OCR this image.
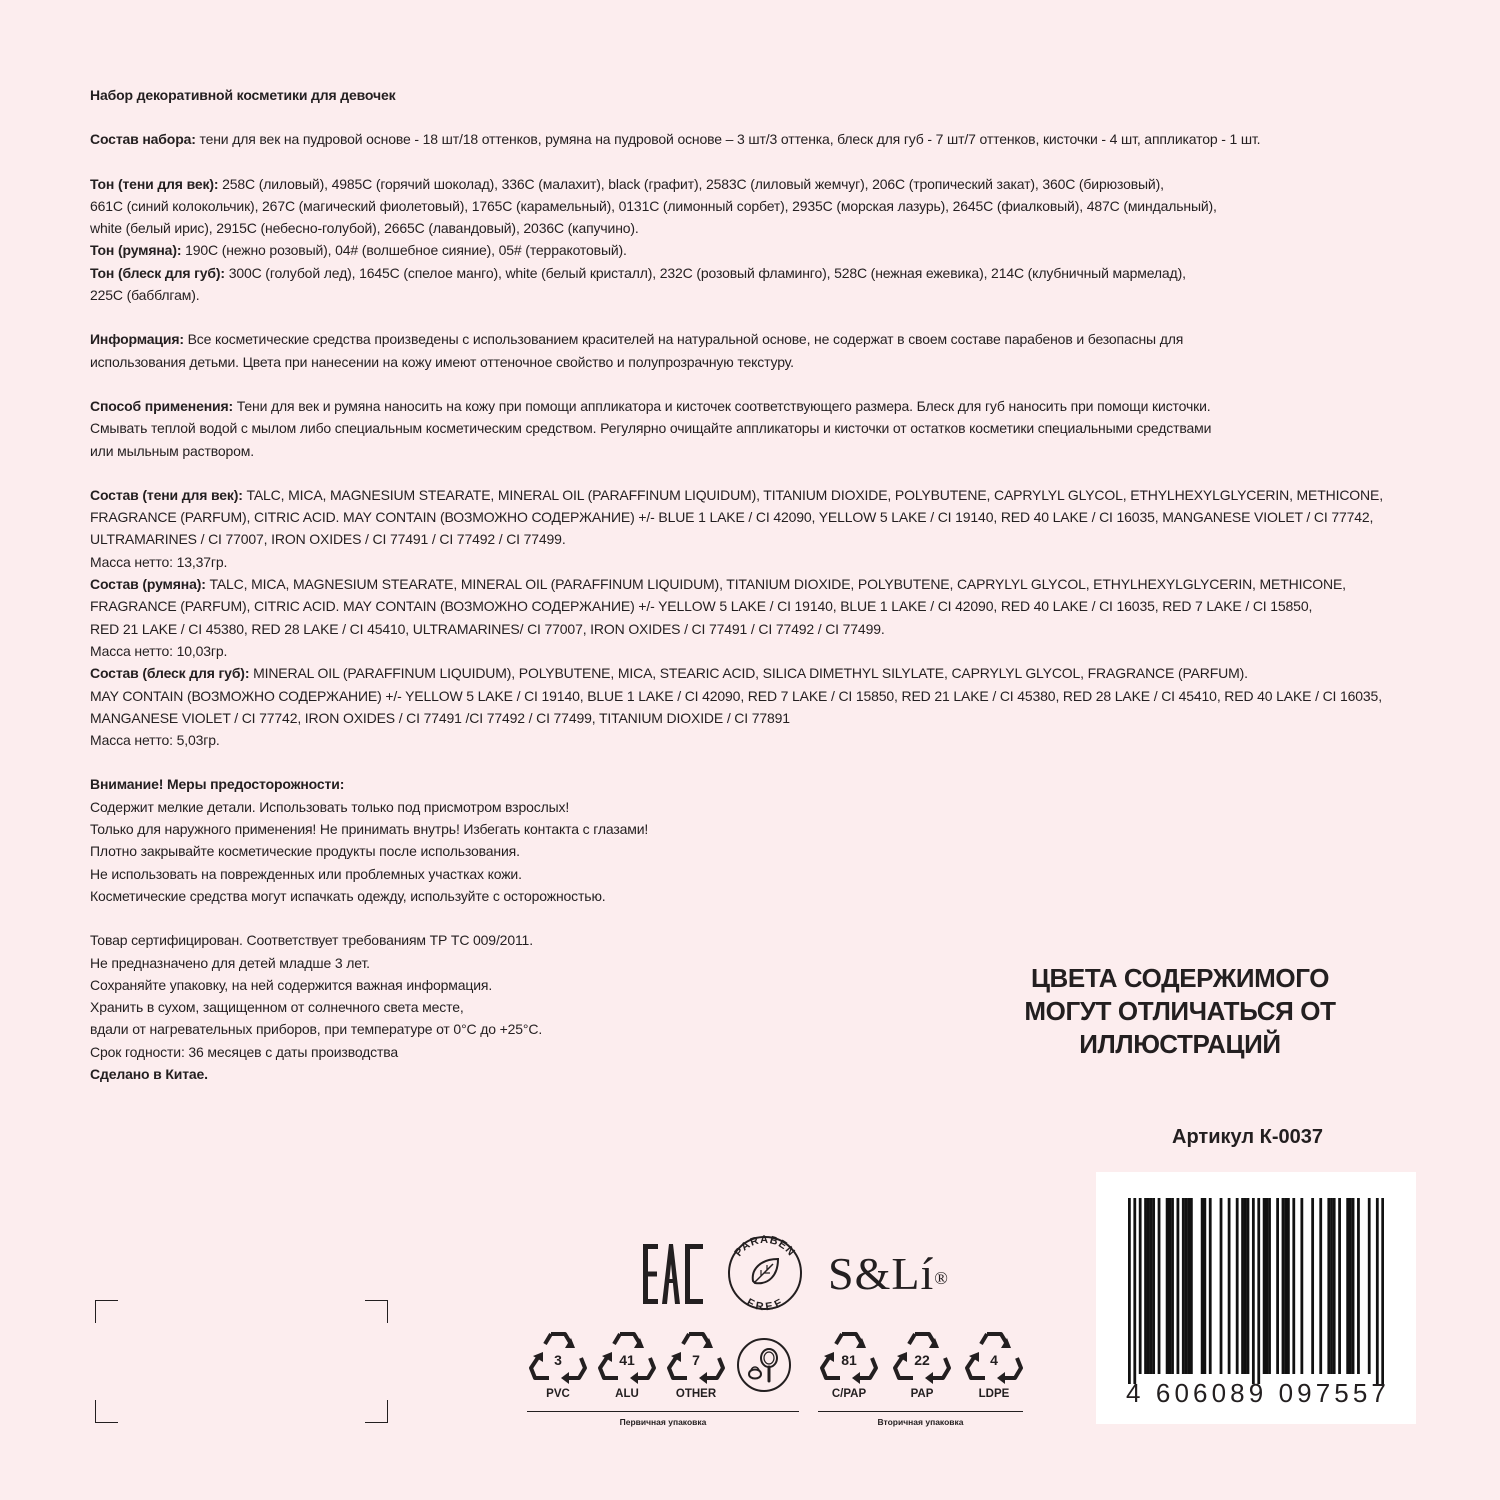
Набор декоративной косметики для девочек

Состав набора: тени для век на пудровой основе - 18 шт/18 оттенков, румяна на пудровой основе – 3 шт/3 оттенка, блеск для губ - 7 шт/7 оттенков, кисточки - 4 шт, аппликатор - 1 шт.

Тон (тени для век): 258C (лиловый), 4985C (горячий шоколад), 336C (малахит), black (графит), 2583C (лиловый жемчуг), 206C (тропический закат), 360C (бирюзовый),

661C (синий колокольчик), 267C (магический фиолетовый), 1765C (карамельный), 0131C (лимонный сорбет), 2935C (морская лазурь), 2645C (фиалковый), 487C (миндальный),

white (белый ирис), 2915C (небесно-голубой), 2665C (лавандовый), 2036C (капучино).

Тон (румяна): 190C (нежно розовый), 04# (волшебное сияние), 05# (терракотовый).

Тон (блеск для губ): 300C (голубой лед), 1645C (спелое манго), white (белый кристалл), 232C (розовый фламинго), 528C (нежная ежевика), 214C (клубничный мармелад),

225C (бабблгам).

Информация: Все косметические средства произведены с использованием красителей на натуральной основе, не содержат в своем составе парабенов и безопасны для

использования детьми. Цвета при нанесении на кожу имеют оттеночное свойство и полупрозрачную текстуру.

Способ применения: Тени для век и румяна наносить на кожу при помощи аппликатора и кисточек соответствующего размера. Блеск для губ наносить при помощи кисточки.

Смывать теплой водой с мылом либо специальным косметическим средством. Регулярно очищайте аппликаторы и кисточки от остатков косметики специальными средствами

или мыльным раствором.

Состав (тени для век): TALC, MICA, MAGNESIUM STEARATE, MINERAL OIL (PARAFFINUM LIQUIDUM), TITANIUM DIOXIDE, POLYBUTENE, CAPRYLYL GLYCOL, ETHYLHEXYLGLYCERIN, METHICONE,

FRAGRANCE (PARFUM), CITRIC ACID. MAY CONTAIN (ВОЗМОЖНО СОДЕРЖАНИЕ) +/- BLUE 1 LAKE / CI 42090, YELLOW 5 LAKE / CI 19140, RED 40 LAKE / CI 16035, MANGANESE VIOLET / CI 77742,

ULTRAMARINES / CI 77007, IRON OXIDES / CI 77491 / CI 77492 / CI 77499.

Масса нетто: 13,37гр.

Состав (румяна): TALC, MICA, MAGNESIUM STEARATE, MINERAL OIL (PARAFFINUM LIQUIDUM), TITANIUM DIOXIDE, POLYBUTENE, CAPRYLYL GLYCOL, ETHYLHEXYLGLYCERIN, METHICONE,

FRAGRANCE (PARFUM), CITRIC ACID. MAY CONTAIN (ВОЗМОЖНО СОДЕРЖАНИЕ) +/- YELLOW 5 LAKE / CI 19140, BLUE 1 LAKE / CI 42090, RED 40 LAKE / CI 16035, RED 7 LAKE / CI 15850,

RED 21 LAKE / CI 45380, RED 28 LAKE / CI 45410, ULTRAMARINES/ CI 77007, IRON OXIDES / CI 77491 / CI 77492 / CI 77499.

Масса нетто: 10,03гр.

Состав (блеск для губ): MINERAL OIL (PARAFFINUM LIQUIDUM), POLYBUTENE, MICA, STEARIC ACID, SILICA DIMETHYL SILYLATE, CAPRYLYL GLYCOL, FRAGRANCE (PARFUM).

MAY CONTAIN (ВОЗМОЖНО СОДЕРЖАНИЕ) +/- YELLOW 5 LAKE / CI 19140, BLUE 1 LAKE / CI 42090, RED 7 LAKE / CI 15850, RED 21 LAKE / CI 45380, RED 28 LAKE / CI 45410, RED 40 LAKE / CI 16035,

MANGANESE VIOLET / CI 77742, IRON OXIDES / CI 77491 /CI 77492 / CI 77499, TITANIUM DIOXIDE / CI 77891

Масса нетто: 5,03гр.

Внимание! Меры предосторожности:

Содержит мелкие детали. Использовать только под присмотром взрослых!

Только для наружного применения! Не принимать внутрь! Избегать контакта с глазами!

Плотно закрывайте косметические продукты после использования.

Не использовать на поврежденных или проблемных участках кожи.

Косметические средства могут испачкать одежду, используйте с осторожностью.

Товар сертифицирован. Соответствует требованиям ТР ТС 009/2011.

Не предназначено для детей младше 3 лет.

Сохраняйте упаковку, на ней содержится важная информация.

Хранить в сухом, защищенном от солнечного света месте,

вдали от нагревательных приборов, при температуре от 0°С до +25°С.

Срок годности: 36 месяцев с даты производства

Сделано в Китае.

ЦВЕТА СОДЕРЖИМОГО
МОГУТ ОТЛИЧАТЬСЯ ОТ ИЛЛЮСТРАЦИЙ
Артикул К-0037
4 606089 097557
PARABEN
FREE
S&Lí®
3
PVC
41
ALU
7
OTHER
81
C/PAP
22
PAP
4
LDPE
Первичная упаковка	Вторичная упаковка
